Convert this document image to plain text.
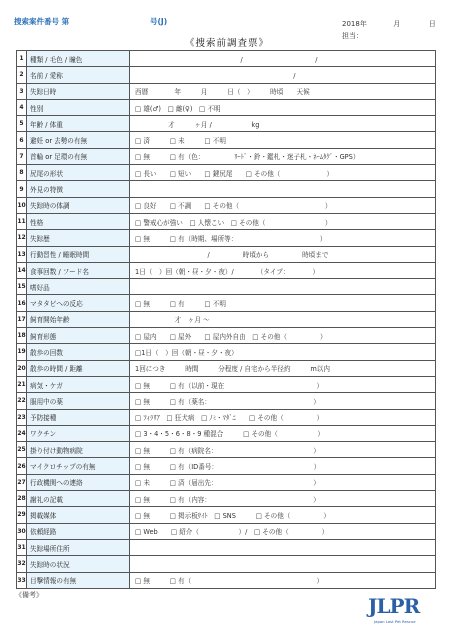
捜索案件番号 第	号(J)	2018年	月	日
担当：
《捜索前調査票》
1	種類 / 毛色 / 瞳色	　　　　　　　　　　　　　　　　/　　　　　　　　　　　/
2	名前 / 愛称	　　　　　　　　　　　　　　　　　　　　　　　　/
3	失踪日時	西暦　　　　年　　　月　　　日（　）　　　時頃　　天候
4	性別	□ 雄(♂)　□ 雌(♀)　□ 不明
5	年齢 / 体重	　　　　　才　　　ヶ月 /　　　　　　kg
6	避妊 or 去勢の有無	□ 済　　　□ 未　　　□ 不明
7	首輪 or 足環の有無	□ 無　　　□ 有（色：　　　　　ﾘｰﾄﾞ・鈴・鑑札・迷子札・ﾈｰﾑﾀｸﾞ・GPS）
8	尻尾の形状	□ 長い　　□ 短い　　□ 鍵尻尾　　□ その他（　　　　　　　）
9	外見の特徴	
10	失踪時の体調	□ 良好　　□ 不調　　□ その他（　　　　　　　　　　　　　）
11	性格	□ 警戒心が強い　□ 人懐こい　□ その他（　　　　　　　　　）
12	失踪歴	□ 無　　　□ 有（時期、場所等：　　　　　　　　　　　　　）
13	行動習性 / 睡眠時間	　　　　　　　　　　　/　　　　　時頃から　　　　　時頃まで
14	食事回数 / フード名	1日（　）回（朝・昼・夕・夜）/　　　　（タイプ：　　　　）
15	嗜好品	
16	マタタビへの反応	□ 無　　　□ 有　　　□ 不明
17	飼育開始年齢	　　　　　　才　ヶ月 〜
18	飼育形態	□ 屋内　　□ 屋外　　□ 屋内外自由　□ その他（　　　　　）
19	散歩の回数	□1日（　）回（朝・昼・夕・夜）
20	散歩の時間 / 距離	1回につき　　　時間　　　分程度 / 自宅から半径約　　　m以内
21	病気・ケガ	□ 無　　　□ 有（以前・現在　　　　　　　　　　　　　　）
22	服用中の薬	□ 無　　　□ 有（薬名：　　　　　　　　　　　　　　　　）
23	予防接種	□ ﾌｨﾗﾘｱ　□ 狂犬病　□ ﾉﾐ・ﾏﾀﾞﾆ　　□ その他（　　　　　）
24	ワクチン	□ 3・4・5・6・8・9 種混合　　　□ その他（　　　　　　）
25	掛り付け動物病院	□ 無　　　□ 有（病院名：　　　　　　　　　　　　　　　）
26	マイクロチップの有無	□ 無　　　□ 有（ID番号：　　　　　　　　　　　　　　　）
27	行政機関への連絡	□ 未　　　□ 済（届出先：　　　　　　　　　　　　　　　）
28	謝礼の記載	□ 無　　　□ 有（内容：　　　　　　　　　　　　　　　　）
29	掲載媒体	□ 無　　　□ 掲示板ｻｲﾄ　□ SNS　　　□ その他（　　　　　）
30	依頼経路	□ Web　　□ 紹介（　　　　　　）/　□ その他（　　　　　）
31	失踪場所住所	
32	失踪時の状況	
33	目撃情報の有無	□ 無　　　□ 有（　　　　　　　　　　　　　　　　　　　）
《備考》	JLPR
Japan Lost Pet Rescue
